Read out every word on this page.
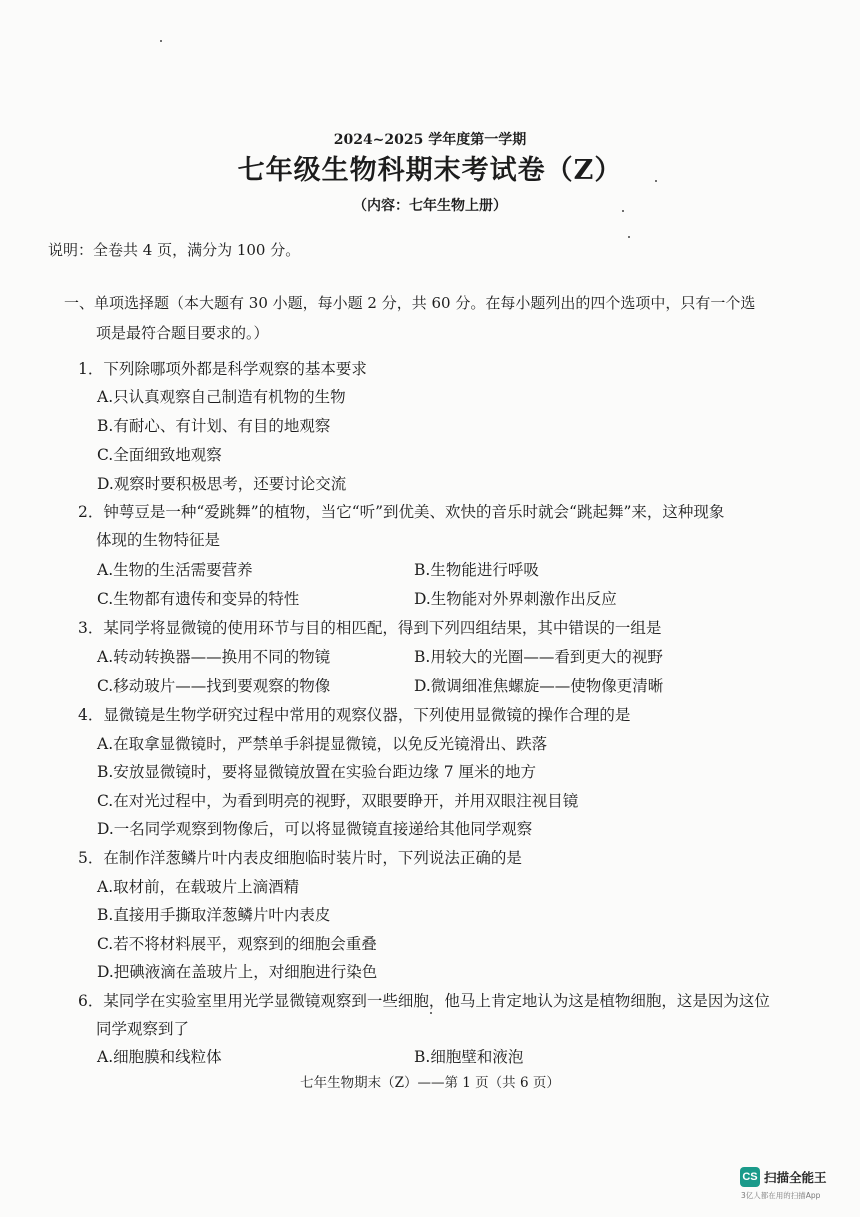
2024~2025 学年度第一学期
七年级生物科期末考试卷（Z）
（内容：七年生物上册）
说明：全卷共 4 页，满分为 100 分。
一、单项选择题（本大题有 30 小题，每小题 2 分，共 60 分。在每小题列出的四个选项中，只有一个选
项是最符合题目要求的。）
1．下列除哪项外都是科学观察的基本要求
A.只认真观察自己制造有机物的生物
B.有耐心、有计划、有目的地观察
C.全面细致地观察
D.观察时要积极思考，还要讨论交流
2．钟萼豆是一种“爱跳舞”的植物，当它“听”到优美、欢快的音乐时就会“跳起舞”来，这种现象
体现的生物特征是
A.生物的生活需要营养	B.生物能进行呼吸
C.生物都有遗传和变异的特性	D.生物能对外界刺激作出反应
3．某同学将显微镜的使用环节与目的相匹配，得到下列四组结果，其中错误的一组是
A.转动转换器——换用不同的物镜	B.用较大的光圈——看到更大的视野
C.移动玻片——找到要观察的物像	D.微调细准焦螺旋——使物像更清晰
4．显微镜是生物学研究过程中常用的观察仪器，下列使用显微镜的操作合理的是
A.在取拿显微镜时，严禁单手斜提显微镜，以免反光镜滑出、跌落
B.安放显微镜时，要将显微镜放置在实验台距边缘 7 厘米的地方
C.在对光过程中，为看到明亮的视野，双眼要睁开，并用双眼注视目镜
D.一名同学观察到物像后，可以将显微镜直接递给其他同学观察
5．在制作洋葱鳞片叶内表皮细胞临时装片时，下列说法正确的是
A.取材前，在载玻片上滴酒精
B.直接用手撕取洋葱鳞片叶内表皮
C.若不将材料展平，观察到的细胞会重叠
D.把碘液滴在盖玻片上，对细胞进行染色
6．某同学在实验室里用光学显微镜观察到一些细胞，他马上肯定地认为这是植物细胞，这是因为这位
同学观察到了
A.细胞膜和线粒体	B.细胞壁和液泡
七年生物期末（Z）——第 1 页（共 6 页）
CS 扫描全能王
3亿人都在用的扫描App
